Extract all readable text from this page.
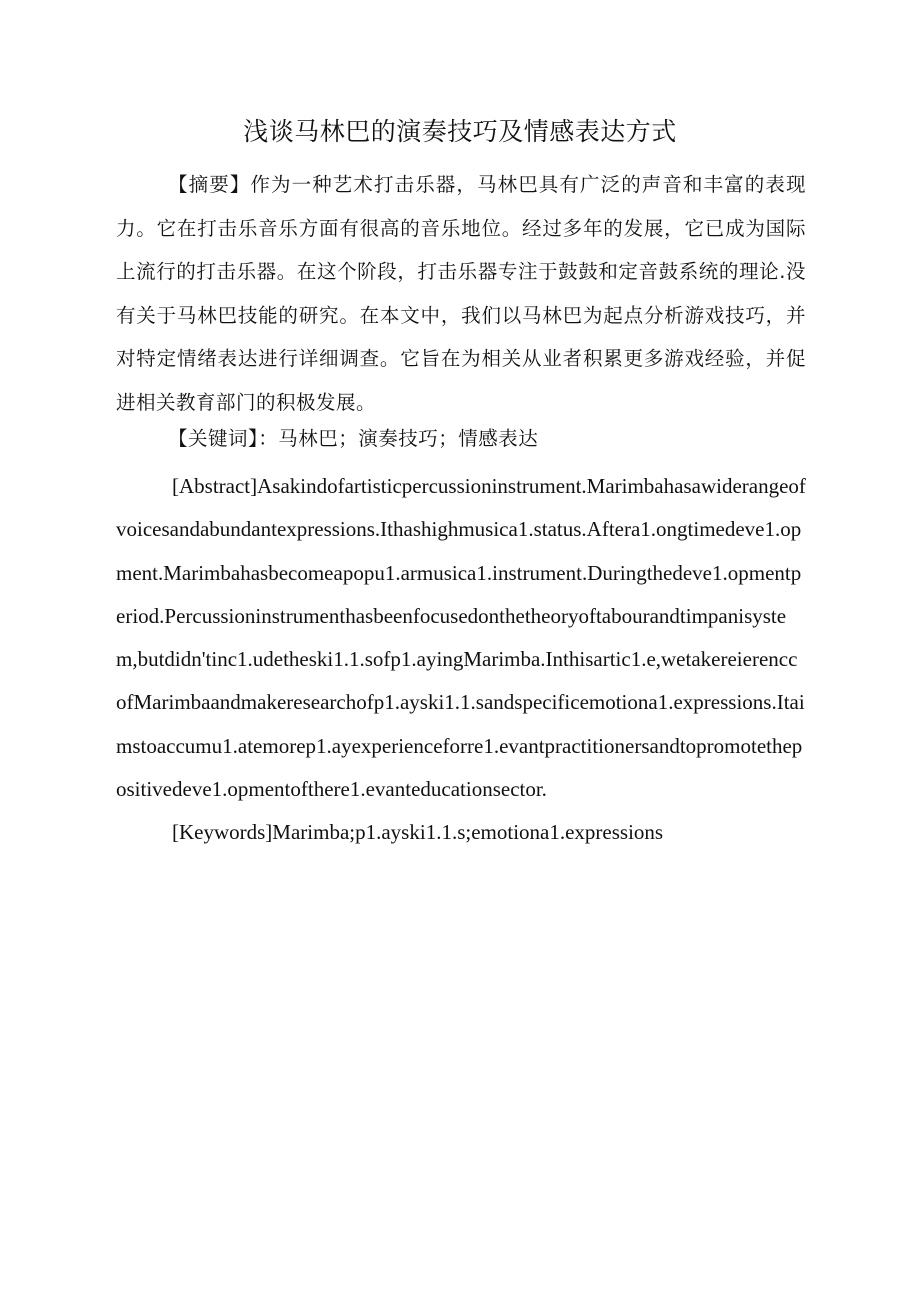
浅谈马林巴的演奏技巧及情感表达方式
【摘要】作为一种艺术打击乐器，马林巴具有广泛的声音和丰富的表现力。它在打击乐音乐方面有很高的音乐地位。经过多年的发展，它已成为国际上流行的打击乐器。在这个阶段，打击乐器专注于鼓鼓和定音鼓系统的理论.没有关于马林巴技能的研究。在本文中，我们以马林巴为起点分析游戏技巧，并对特定情绪表达进行详细调查。它旨在为相关从业者积累更多游戏经验，并促进相关教育部门的积极发展。
【关键词】：马林巴；演奏技巧；情感表达
[Abstract]Asakindofartisticpercussioninstrument.Marimbahasawiderangeofvoicesandabundantexpressions.Ithashighmusica1.status.Aftera1.ongtimedeve1.opment.Marimbahasbecomeapopu1.armusica1.instrument.Duringthedeve1.opmentperiod.Percussioninstrumenthasbeenfocusedonthetheoryoftabourandtimpanisystem,butdidn'tinc1.udetheski1.1.sofp1.ayingMarimba.Inthisartic1.e,wetakereierenccofMarimbaandmakeresearchofp1.ayski1.1.sandspecificemotiona1.expressions.Itaimstoaccumu1.atemorep1.ayexperienceforre1.evantpractitionersandtopromotethepositivedeve1.opmentofthere1.evanteducationsector.
[Keywords]Marimba;p1.ayski1.1.s;emotiona1.expressions
